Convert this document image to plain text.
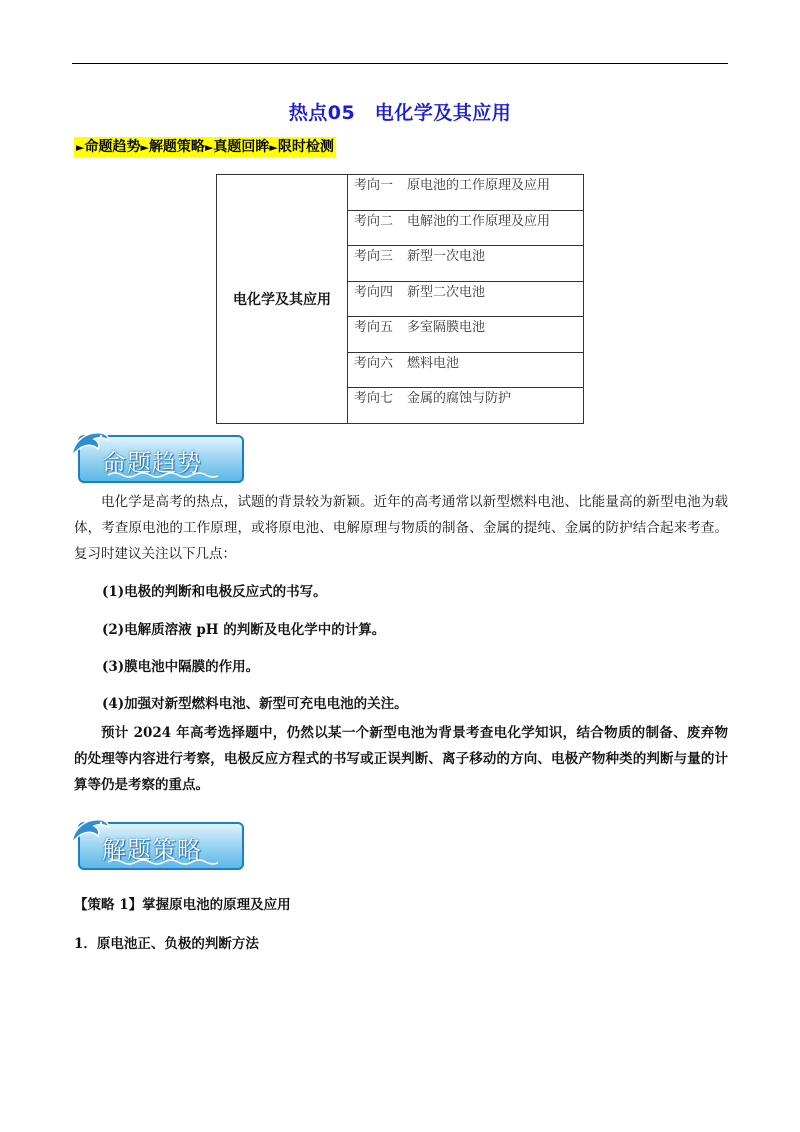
热点05　电化学及其应用
►命题趋势►解题策略►真题回眸►限时检测
电化学及其应用	考向一 原电池的工作原理及应用
考向二 电解池的工作原理及应用
考向三 新型一次电池
考向四 新型二次电池
考向五 多室隔膜电池
考向六 燃料电池
考向七 金属的腐蚀与防护
命题趋势
电化学是高考的热点，试题的背景较为新颖。近年的高考通常以新型燃料电池、比能量高的新型电池为载体，考查原电池的工作原理，或将原电池、电解原理与物质的制备、金属的提纯、金属的防护结合起来考查。复习时建议关注以下几点：
(1)电极的判断和电极反应式的书写。
(2)电解质溶液 pH 的判断及电化学中的计算。
(3)膜电池中隔膜的作用。
(4)加强对新型燃料电池、新型可充电电池的关注。
预计 2024 年高考选择题中，仍然以某一个新型电池为背景考查电化学知识，结合物质的制备、废弃物的处理等内容进行考察，电极反应方程式的书写或正误判断、离子移动的方向、电极产物种类的判断与量的计算等仍是考察的重点。
解题策略
【策略 1】掌握原电池的原理及应用
1．原电池正、负极的判断方法
